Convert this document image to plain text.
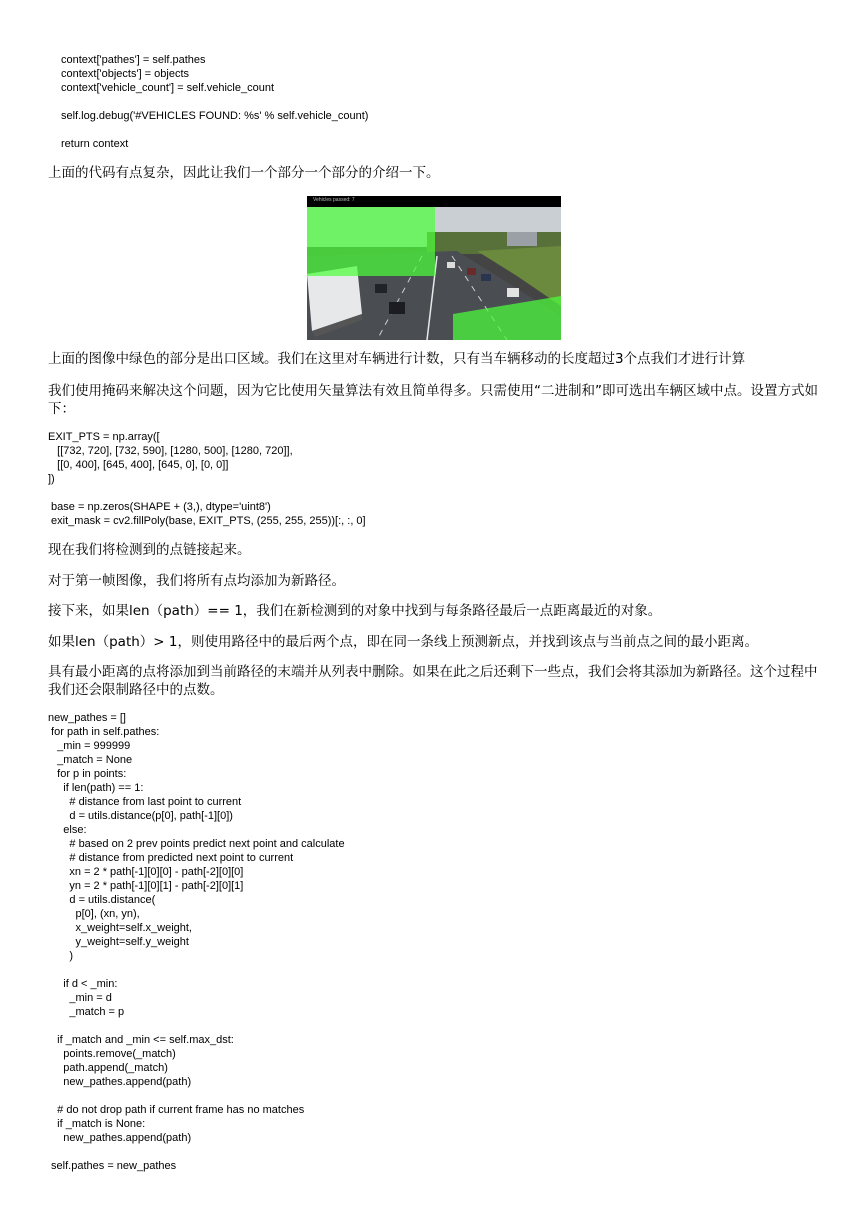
context['pathes'] = self.pathes
context['objects'] = objects
context['vehicle_count'] = self.vehicle_count

self.log.debug('#VEHICLES FOUND: %s' % self.vehicle_count)

return context

上面的代码有点复杂，因此让我们一个部分一个部分的介绍一下。

Vehicles passed: 7

上面的图像中绿色的部分是出口区域。我们在这里对车辆进行计数，只有当车辆移动的长度超过3个点我们才进行计算

我们使用掩码来解决这个问题，因为它比使用矢量算法有效且简单得多。只需使用“二进制和”即可选出车辆区域中点。设置方式如下：

EXIT_PTS = np.array([
[[732, 720], [732, 590], [1280, 500], [1280, 720]],
[[0, 400], [645, 400], [645, 0], [0, 0]]
])

base = np.zeros(SHAPE + (3,), dtype='uint8')
exit_mask = cv2.fillPoly(base, EXIT_PTS, (255, 255, 255))[:, :, 0]

现在我们将检测到的点链接起来。

对于第一帧图像，我们将所有点均添加为新路径。

接下来，如果len（path）== 1，我们在新检测到的对象中找到与每条路径最后一点距离最近的对象。

如果len（path）> 1，则使用路径中的最后两个点，即在同一条线上预测新点，并找到该点与当前点之间的最小距离。

具有最小距离的点将添加到当前路径的末端并从列表中删除。如果在此之后还剩下一些点，我们会将其添加为新路径。这个过程中我们还会限制路径中的点数。

new_pathes = []
for path in self.pathes:
_min = 999999
_match = None
for p in points:
if len(path) == 1:
# distance from last point to current
d = utils.distance(p[0], path[-1][0])
else:
# based on 2 prev points predict next point and calculate
# distance from predicted next point to current
xn = 2 * path[-1][0][0] - path[-2][0][0]
yn = 2 * path[-1][0][1] - path[-2][0][1]
d = utils.distance(
p[0], (xn, yn),
x_weight=self.x_weight,
y_weight=self.y_weight
)

if d < _min:
_min = d
_match = p

if _match and _min <= self.max_dst:
points.remove(_match)
path.append(_match)
new_pathes.append(path)

# do not drop path if current frame has no matches
if _match is None:
new_pathes.append(path)

self.pathes = new_pathes
